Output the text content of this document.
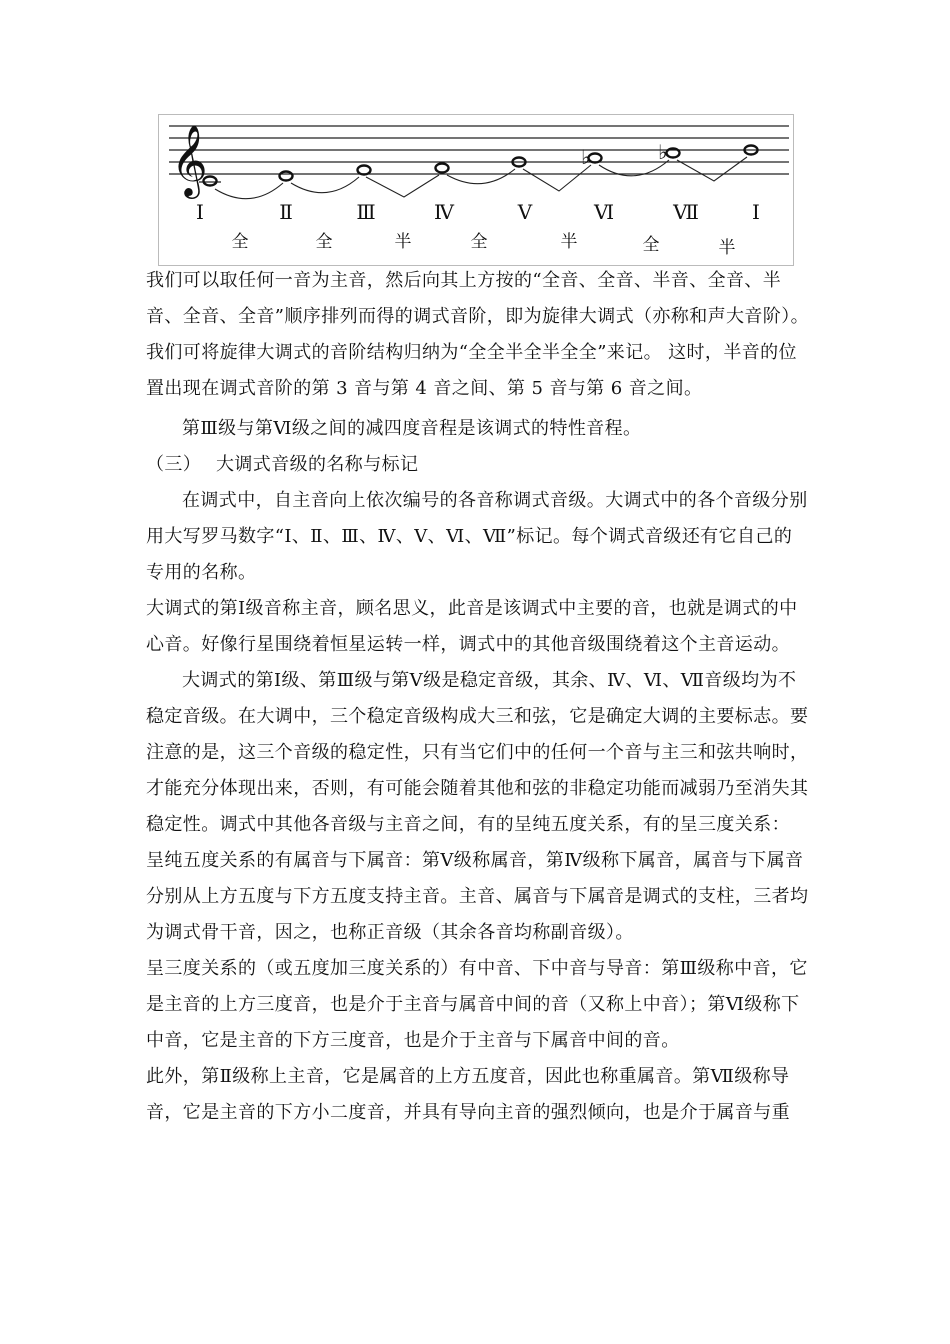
𝄞	♭	♭
Ⅰ	Ⅱ	Ⅲ	Ⅳ	Ⅴ	Ⅵ	Ⅶ	Ⅰ
全	全	半	全	半	全	半

我们可以取任何一音为主音，然后向其上方按的“全音、全音、半音、全音、半音、全音、全音”顺序排列而得的调式音阶，即为旋律大调式（亦称和声大音阶）。我们可将旋律大调式的音阶结构归纳为“全全半全半全全”来记。 这时，半音的位置出现在调式音阶的第 3 音与第 4 音之间、第 5 音与第 6 音之间。

第Ⅲ级与第Ⅵ级之间的减四度音程是该调式的特性音程。

（三） 大调式音级的名称与标记

在调式中，自主音向上依次编号的各音称调式音级。大调式中的各个音级分别用大写罗马数字“Ⅰ、Ⅱ、Ⅲ、Ⅳ、Ⅴ、Ⅵ、Ⅶ”标记。每个调式音级还有它自己的专用的名称。

大调式的第Ⅰ级音称主音，顾名思义，此音是该调式中主要的音，也就是调式的中心音。好像行星围绕着恒星运转一样，调式中的其他音级围绕着这个主音运动。

大调式的第Ⅰ级、第Ⅲ级与第Ⅴ级是稳定音级，其余、Ⅳ、Ⅵ、Ⅶ音级均为不稳定音级。在大调中，三个稳定音级构成大三和弦，它是确定大调的主要标志。要注意的是，这三个音级的稳定性，只有当它们中的任何一个音与主三和弦共响时，才能充分体现出来，否则，有可能会随着其他和弦的非稳定功能而减弱乃至消失其稳定性。调式中其他各音级与主音之间，有的呈纯五度关系，有的呈三度关系：

呈纯五度关系的有属音与下属音：第Ⅴ级称属音，第Ⅳ级称下属音，属音与下属音分别从上方五度与下方五度支持主音。主音、属音与下属音是调式的支柱，三者均为调式骨干音，因之，也称正音级（其余各音均称副音级）。

呈三度关系的（或五度加三度关系的）有中音、下中音与导音：第Ⅲ级称中音，它是主音的上方三度音，也是介于主音与属音中间的音（又称上中音）；第Ⅵ级称下中音，它是主音的下方三度音，也是介于主音与下属音中间的音。

此外，第Ⅱ级称上主音，它是属音的上方五度音，因此也称重属音。第Ⅶ级称导音，它是主音的下方小二度音，并具有导向主音的强烈倾向，也是介于属音与重
